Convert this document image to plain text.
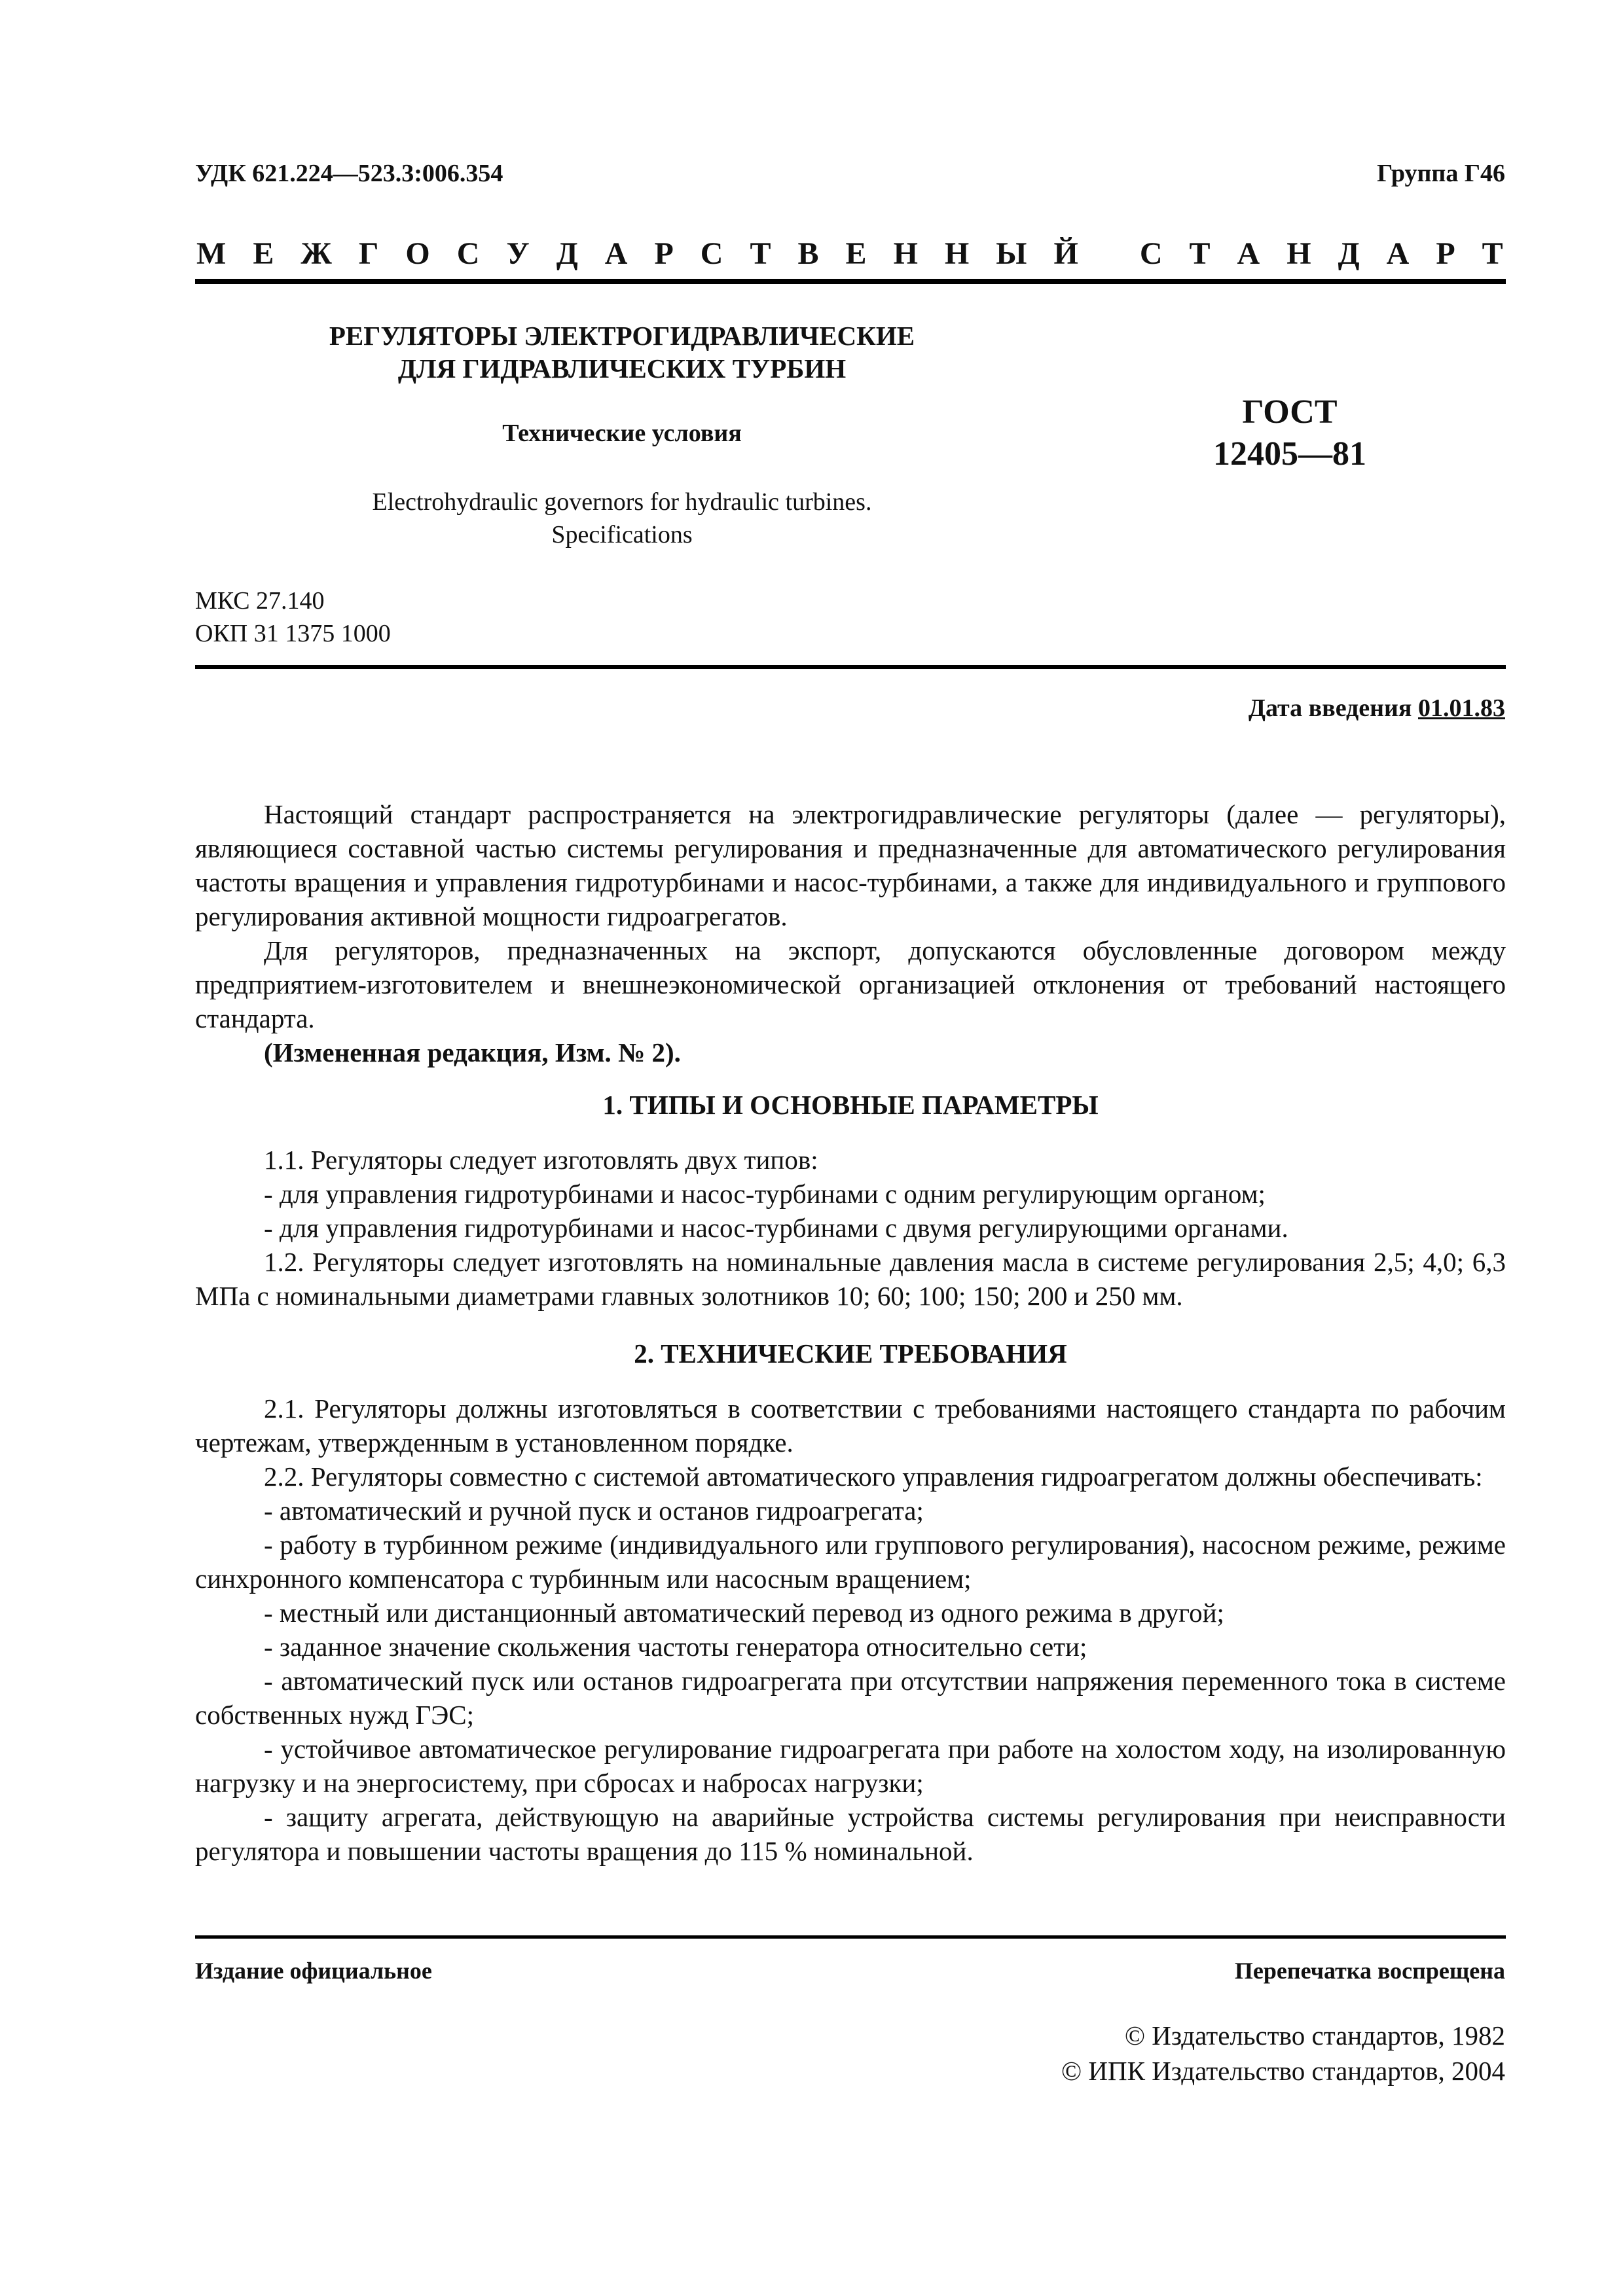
УДК 621.224—523.3:006.354	Группа Г46
М Е Ж Г О С У Д А Р С Т В Е Н Н Ы Й
С Т А Н Д А Р Т
РЕГУЛЯТОРЫ ЭЛЕКТРОГИДРАВЛИЧЕСКИЕ
ДЛЯ ГИДРАВЛИЧЕСКИХ ТУРБИН
Технические условия
Electrohydraulic governors for hydraulic turbines.
Specifications
ГОСТ
12405—81
МКС 27.140
ОКП 31 1375 1000
Дата введения 01.01.83

Настоящий стандарт распространяется на электрогидравлические регуляторы (далее — регуляторы), являющиеся составной частью системы регулирования и предназначенные для автоматического регулирования частоты вращения и управления гидротурбинами и насос-турбинами, а также для индивидуального и группового регулирования активной мощности гидроагрегатов.

Для регуляторов, предназначенных на экспорт, допускаются обусловленные договором между предприятием-изготовителем и внешнеэкономической организацией отклонения от требований настоящего стандарта.

(Измененная редакция, Изм. № 2).

1. ТИПЫ И ОСНОВНЫЕ ПАРАМЕТРЫ

1.1. Регуляторы следует изготовлять двух типов:

- для управления гидротурбинами и насос-турбинами с одним регулирующим органом;

- для управления гидротурбинами и насос-турбинами с двумя регулирующими органами.

1.2. Регуляторы следует изготовлять на номинальные давления масла в системе регулирования 2,5; 4,0; 6,3 МПа с номинальными диаметрами главных золотников 10; 60; 100; 150; 200 и 250 мм.

2. ТЕХНИЧЕСКИЕ ТРЕБОВАНИЯ

2.1. Регуляторы должны изготовляться в соответствии с требованиями настоящего стандарта по рабочим чертежам, утвержденным в установленном порядке.

2.2. Регуляторы совместно с системой автоматического управления гидроагрегатом должны обеспечивать:

- автоматический и ручной пуск и останов гидроагрегата;

- работу в турбинном режиме (индивидуального или группового регулирования), насосном режиме, режиме синхронного компенсатора с турбинным или насосным вращением;

- местный или дистанционный автоматический перевод из одного режима в другой;

- заданное значение скольжения частоты генератора относительно сети;

- автоматический пуск или останов гидроагрегата при отсутствии напряжения переменного тока в системе собственных нужд ГЭС;

- устойчивое автоматическое регулирование гидроагрегата при работе на холостом ходу, на изолированную нагрузку и на энергосистему, при сбросах и набросах нагрузки;

- защиту агрегата, действующую на аварийные устройства системы регулирования при неисправности регулятора и повышении частоты вращения до 115 % номинальной.

Издание официальное	Перепечатка воспрещена
© Издательство стандартов, 1982
© ИПК Издательство стандартов, 2004
